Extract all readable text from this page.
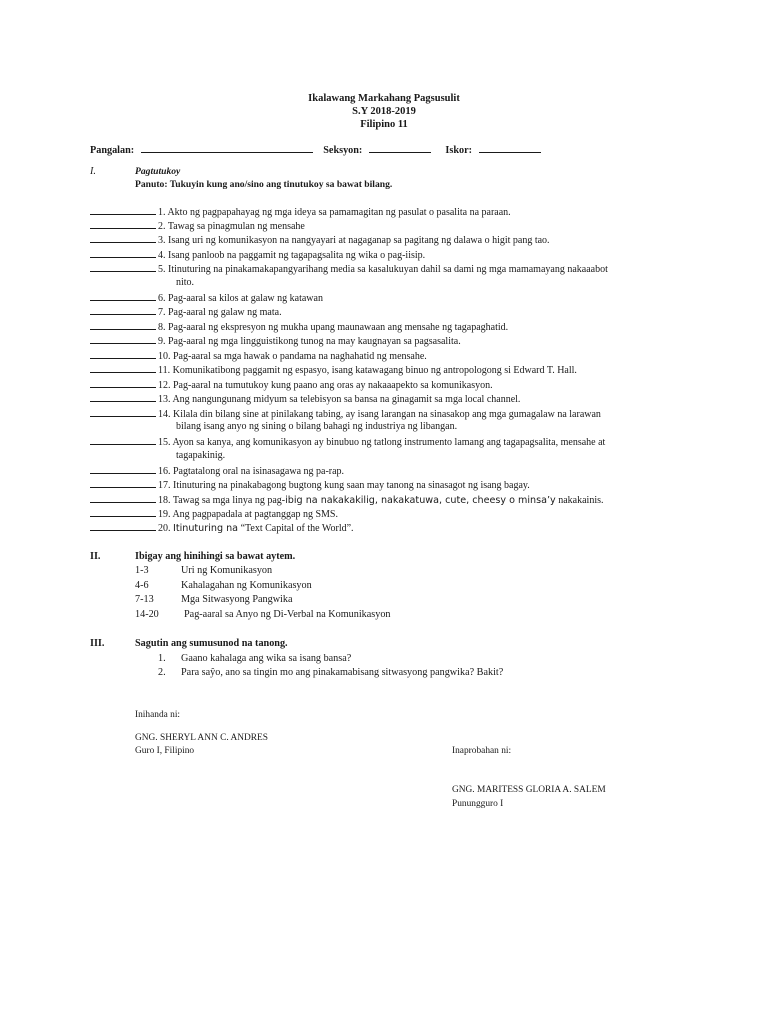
Ikalawang Markahang Pagsusulit
S.Y 2018-2019
Filipino 11
Pangalan:	Seksyon:	Iskor:
I.	Pagtutukoy
Panuto: Tukuyin kung ano/sino ang tinutukoy sa bawat bilang.
1. Akto ng pagpapahayag ng mga ideya sa pamamagitan ng pasulat o pasalita na paraan.
2. Tawag sa pinagmulan ng mensahe
3. Isang uri ng komunikasyon na nangyayari at nagaganap sa pagitang ng dalawa o higit pang tao.
4. Isang panloob na paggamit ng tagapagsalita ng wika o pag-iisip.
5. Itinuturing na pinakamakapangyarihang media sa kasalukuyan dahil sa dami ng mga mamamayang nakaaabot
nito.
6. Pag-aaral sa kilos at galaw ng katawan
7. Pag-aaral ng galaw ng mata.
8. Pag-aaral ng ekspresyon ng mukha upang maunawaan ang mensahe ng tagapaghatid.
9. Pag-aaral ng mga lingguistikong tunog na may kaugnayan sa pagsasalita.
10. Pag-aaral sa mga hawak o pandama na naghahatid ng mensahe.
11. Komunikatibong paggamit ng espasyo, isang katawagang binuo ng antropologong si Edward T. Hall.
12. Pag-aaral na tumutukoy kung paano ang oras ay nakaaapekto sa komunikasyon.
13. Ang nangungunang midyum sa telebisyon sa bansa na ginagamit sa mga local channel.
14. Kilala din bilang sine at pinilakang tabing, ay isang larangan na sinasakop ang mga gumagalaw na larawan
bilang isang anyo ng sining o bilang bahagi ng industriya ng libangan.
15. Ayon sa kanya, ang komunikasyon ay binubuo ng tatlong instrumento lamang ang tagapagsalita, mensahe at
tagapakinig.
16. Pagtatalong oral na isinasagawa ng pa-rap.
17. Itinuturing na pinakabagong bugtong kung saan may tanong na sinasagot ng isang bagay.
18. Tawag sa mga linya ng pag-ibig na nakakakilig, nakakatuwa, cute, cheesy o minsa’y nakakainis.
19. Ang pagpapadala at pagtanggap ng SMS.
20. Itinuturing na “Text Capital of the World”.
II.	Ibigay ang hinihingi sa bawat aytem.
1-3	Uri ng Komunikasyon
4-6	Kahalagahan ng Komunikasyon
7-13	Mga Sitwasyong Pangwika
14-20 Pag-aaral sa Anyo ng Di-Verbal na Komunikasyon
III.	Sagutin ang sumusunod na tanong.
1. Gaano kahalaga ang wika sa isang bansa?
2. Para saŷo, ano sa tingin mo ang pinakamabisang sitwasyong pangwika? Bakit?
Inihanda ni:
GNG. SHERYL ANN C. ANDRES
Guro I, Filipino	Inaprobahan ni:
GNG. MARITESS GLORIA A. SALEM
Punungguro I
